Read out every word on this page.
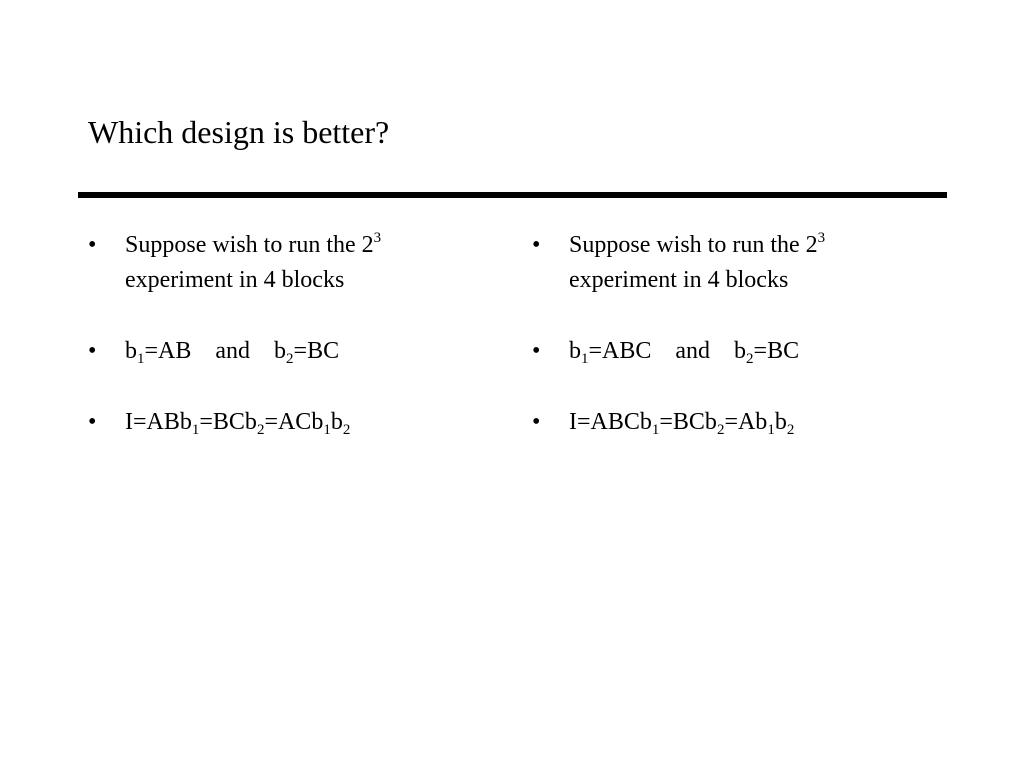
Which design is better?
• Suppose wish to run the $2^3$
experiment in 4 blocks
• $b_1=AB$ and $b_2=BC$
• $I=ABb_1=BCb_2=ACb_1b_2$
• Suppose wish to run the $2^3$
experiment in 4 blocks
• $b_1=ABC$ and $b_2=BC$
• $I=ABCb_1=BCb_2=Ab_1b_2$
